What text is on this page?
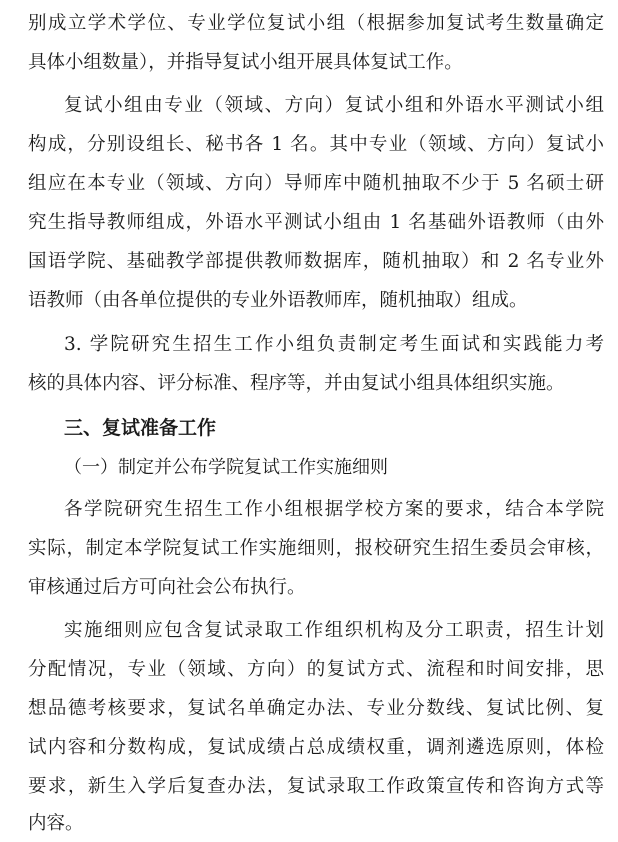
别成立学术学位、专业学位复试小组（根据参加复试考生数量确定
具体小组数量），并指导复试小组开展具体复试工作。
复试小组由专业（领域、方向）复试小组和外语水平测试小组
构成，分别设组长、秘书各 1 名。其中专业（领域、方向）复试小
组应在本专业（领域、方向）导师库中随机抽取不少于 5 名硕士研
究生指导教师组成，外语水平测试小组由 1 名基础外语教师（由外
国语学院、基础教学部提供教师数据库，随机抽取）和 2 名专业外
语教师（由各单位提供的专业外语教师库，随机抽取）组成。
3. 学院研究生招生工作小组负责制定考生面试和实践能力考
核的具体内容、评分标准、程序等，并由复试小组具体组织实施。
三、复试准备工作
（一）制定并公布学院复试工作实施细则
各学院研究生招生工作小组根据学校方案的要求，结合本学院
实际，制定本学院复试工作实施细则，报校研究生招生委员会审核，
审核通过后方可向社会公布执行。
实施细则应包含复试录取工作组织机构及分工职责，招生计划
分配情况，专业（领域、方向）的复试方式、流程和时间安排，思
想品德考核要求，复试名单确定办法、专业分数线、复试比例、复
试内容和分数构成，复试成绩占总成绩权重，调剂遴选原则，体检
要求，新生入学后复查办法，复试录取工作政策宣传和咨询方式等
内容。
